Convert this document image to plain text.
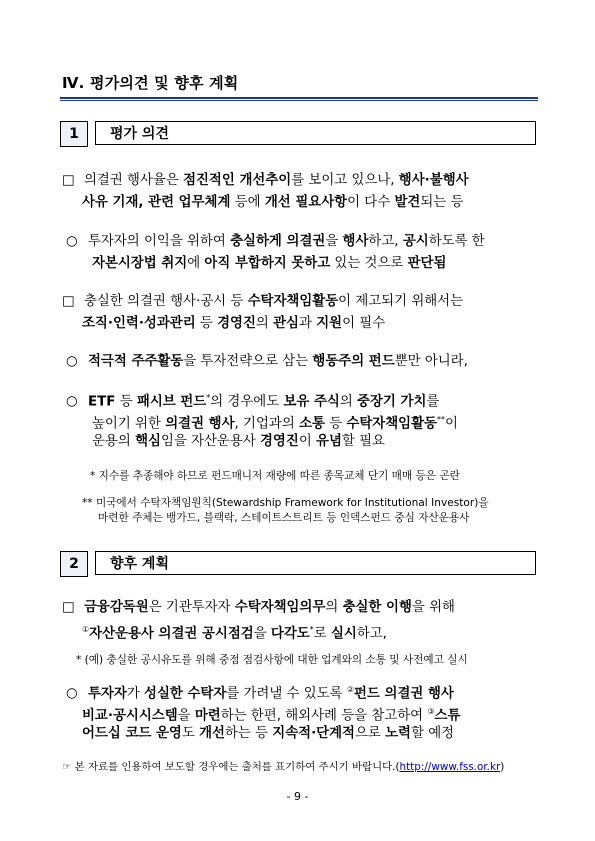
Ⅳ. 평가의견 및 향후 계획
1	평가 의견
□ 의결권 행사율은 점진적인 개선추이를 보이고 있으나, 행사·불행사
사유 기재, 관련 업무체계 등에 개선 필요사항이 다수 발견되는 등
○ 투자자의 이익을 위하여 충실하게 의결권을 행사하고, 공시하도록 한
자본시장법 취지에 아직 부합하지 못하고 있는 것으로 판단됨
□ 충실한 의결권 행사·공시 등 수탁자책임활동이 제고되기 위해서는
조직·인력·성과관리 등 경영진의 관심과 지원이 필수
○ 적극적 주주활동을 투자전략으로 삼는 행동주의 펀드뿐만 아니라,
○ ETF 등 패시브 펀드*의 경우에도 보유 주식의 중장기 가치를
높이기 위한 의결권 행사, 기업과의 소통 등 수탁자책임활동**이
운용의 핵심임을 자산운용사 경영진이 유념할 필요
* 지수를 추종해야 하므로 펀드매니저 재량에 따른 종목교체 단기 매매 등은 곤란
** 미국에서 수탁자책임원칙(Stewardship Framework for Institutional Investor)을
마련한 주체는 뱅가드, 블랙락, 스테이트스트리트 등 인덱스펀드 중심 자산운용사
2	향후 계획
□ 금융감독원은 기관투자자 수탁자책임의무의 충실한 이행을 위해
①자산운용사 의결권 공시점검을 다각도*로 실시하고,
* (예) 충실한 공시유도를 위해 중점 점검사항에 대한 업계와의 소통 및 사전예고 실시
○ 투자자가 성실한 수탁자를 가려낼 수 있도록 ②펀드 의결권 행사
비교·공시시스템을 마련하는 한편, 해외사례 등을 참고하여 ③스튜
어드십 코드 운영도 개선하는 등 지속적·단계적으로 노력할 예정
☞ 본 자료를 인용하여 보도할 경우에는 출처를 표기하여 주시기 바랍니다.(http://www.fss.or.kr)
- 9 -
